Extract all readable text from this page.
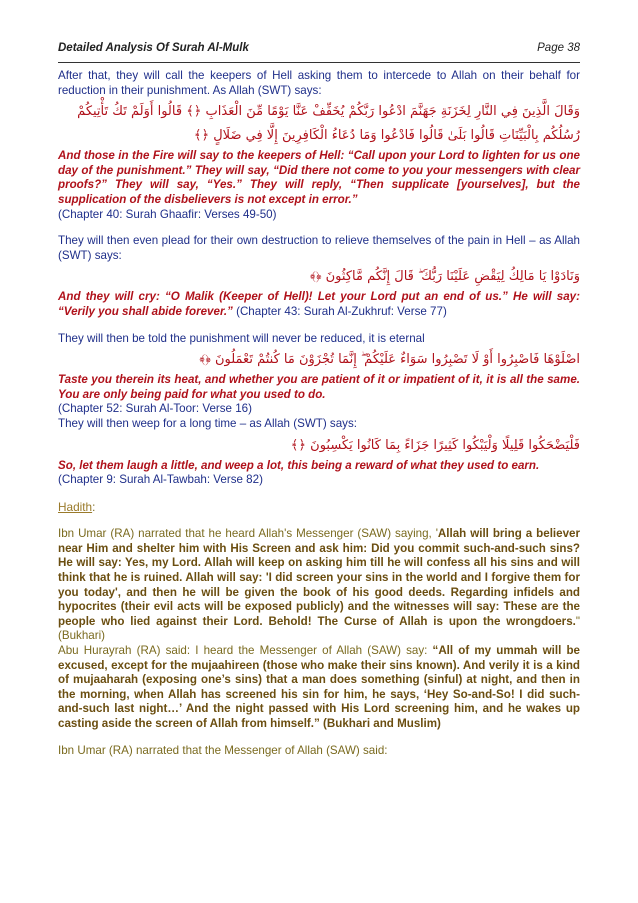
Detailed Analysis Of Surah Al-Mulk	Page 38

After that, they will call the keepers of Hell asking them to intercede to Allah on their behalf for reduction in their punishment. As Allah (SWT) says:

وَقَالَ الَّذِينَ فِي النَّارِ لِخَزَنَةِ جَهَنَّمَ ادْعُوا رَبَّكُمْ يُخَفِّفْ عَنَّا يَوْمًا مِّنَ الْعَذَابِ ﴿﴾ قَالُوا أَوَلَمْ تَكُ تَأْتِيكُمْ
رُسُلُكُم بِالْبَيِّنَاتِ قَالُوا بَلَىٰ قَالُوا فَادْعُوا وَمَا دُعَاءُ الْكَافِرِينَ إِلَّا فِي ضَلَالٍ ﴿﴾

And those in the Fire will say to the keepers of Hell: “Call upon your Lord to lighten for us one day of the punishment.” They will say, “Did there not come to you your messengers with clear proofs?” They will say, “Yes.” They will reply, “Then supplicate [yourselves], but the supplication of the disbelievers is not except in error.”

(Chapter 40: Surah Ghaafir: Verses 49-50)

They will then even plead for their own destruction to relieve themselves of the pain in Hell – as Allah (SWT) says:

وَنَادَوْا يَا مَالِكُ لِيَقْضِ عَلَيْنَا رَبُّكَ ۖ قَالَ إِنَّكُم مَّاكِثُونَ ﴿﴾

And they will cry: “O Malik (Keeper of Hell)! Let your Lord put an end of us.” He will say: “Verily you shall abide forever.” (Chapter 43: Surah Al-Zukhruf: Verse 77)

They will then be told the punishment will never be reduced, it is eternal

اصْلَوْهَا فَاصْبِرُوا أَوْ لَا تَصْبِرُوا سَوَاءٌ عَلَيْكُمْ ۖ إِنَّمَا تُجْزَوْنَ مَا كُنتُمْ تَعْمَلُونَ ﴿﴾

Taste you therein its heat, and whether you are patient of it or impatient of it, it is all the same. You are only being paid for what you used to do.

(Chapter 52: Surah Al-Toor: Verse 16)

They will then weep for a long time – as Allah (SWT) says:

فَلْيَضْحَكُوا قَلِيلًا وَلْيَبْكُوا كَثِيرًا جَزَاءً بِمَا كَانُوا يَكْسِبُونَ ﴿﴾

So, let them laugh a little, and weep a lot, this being a reward of what they used to earn.

(Chapter 9: Surah Al-Tawbah: Verse 82)

Hadith:

Ibn Umar (RA) narrated that he heard Allah's Messenger (SAW) saying, 'Allah will bring a believer near Him and shelter him with His Screen and ask him: Did you commit such-and-such sins? He will say: Yes, my Lord. Allah will keep on asking him till he will confess all his sins and will think that he is ruined. Allah will say: 'I did screen your sins in the world and I forgive them for you today', and then he will be given the book of his good deeds. Regarding infidels and hypocrites (their evil acts will be exposed publicly) and the witnesses will say: These are the people who lied against their Lord. Behold! The Curse of Allah is upon the wrongdoers." (Bukhari)

Abu Hurayrah (RA) said: I heard the Messenger of Allah (SAW) say: “All of my ummah will be excused, except for the mujaahireen (those who make their sins known). And verily it is a kind of mujaaharah (exposing one’s sins) that a man does something (sinful) at night, and then in the morning, when Allah has screened his sin for him, he says, ‘Hey So-and-So! I did such-and-such last night…’ And the night passed with His Lord screening him, and he wakes up casting aside the screen of Allah from himself.” (Bukhari and Muslim)

Ibn Umar (RA) narrated that the Messenger of Allah (SAW) said:
